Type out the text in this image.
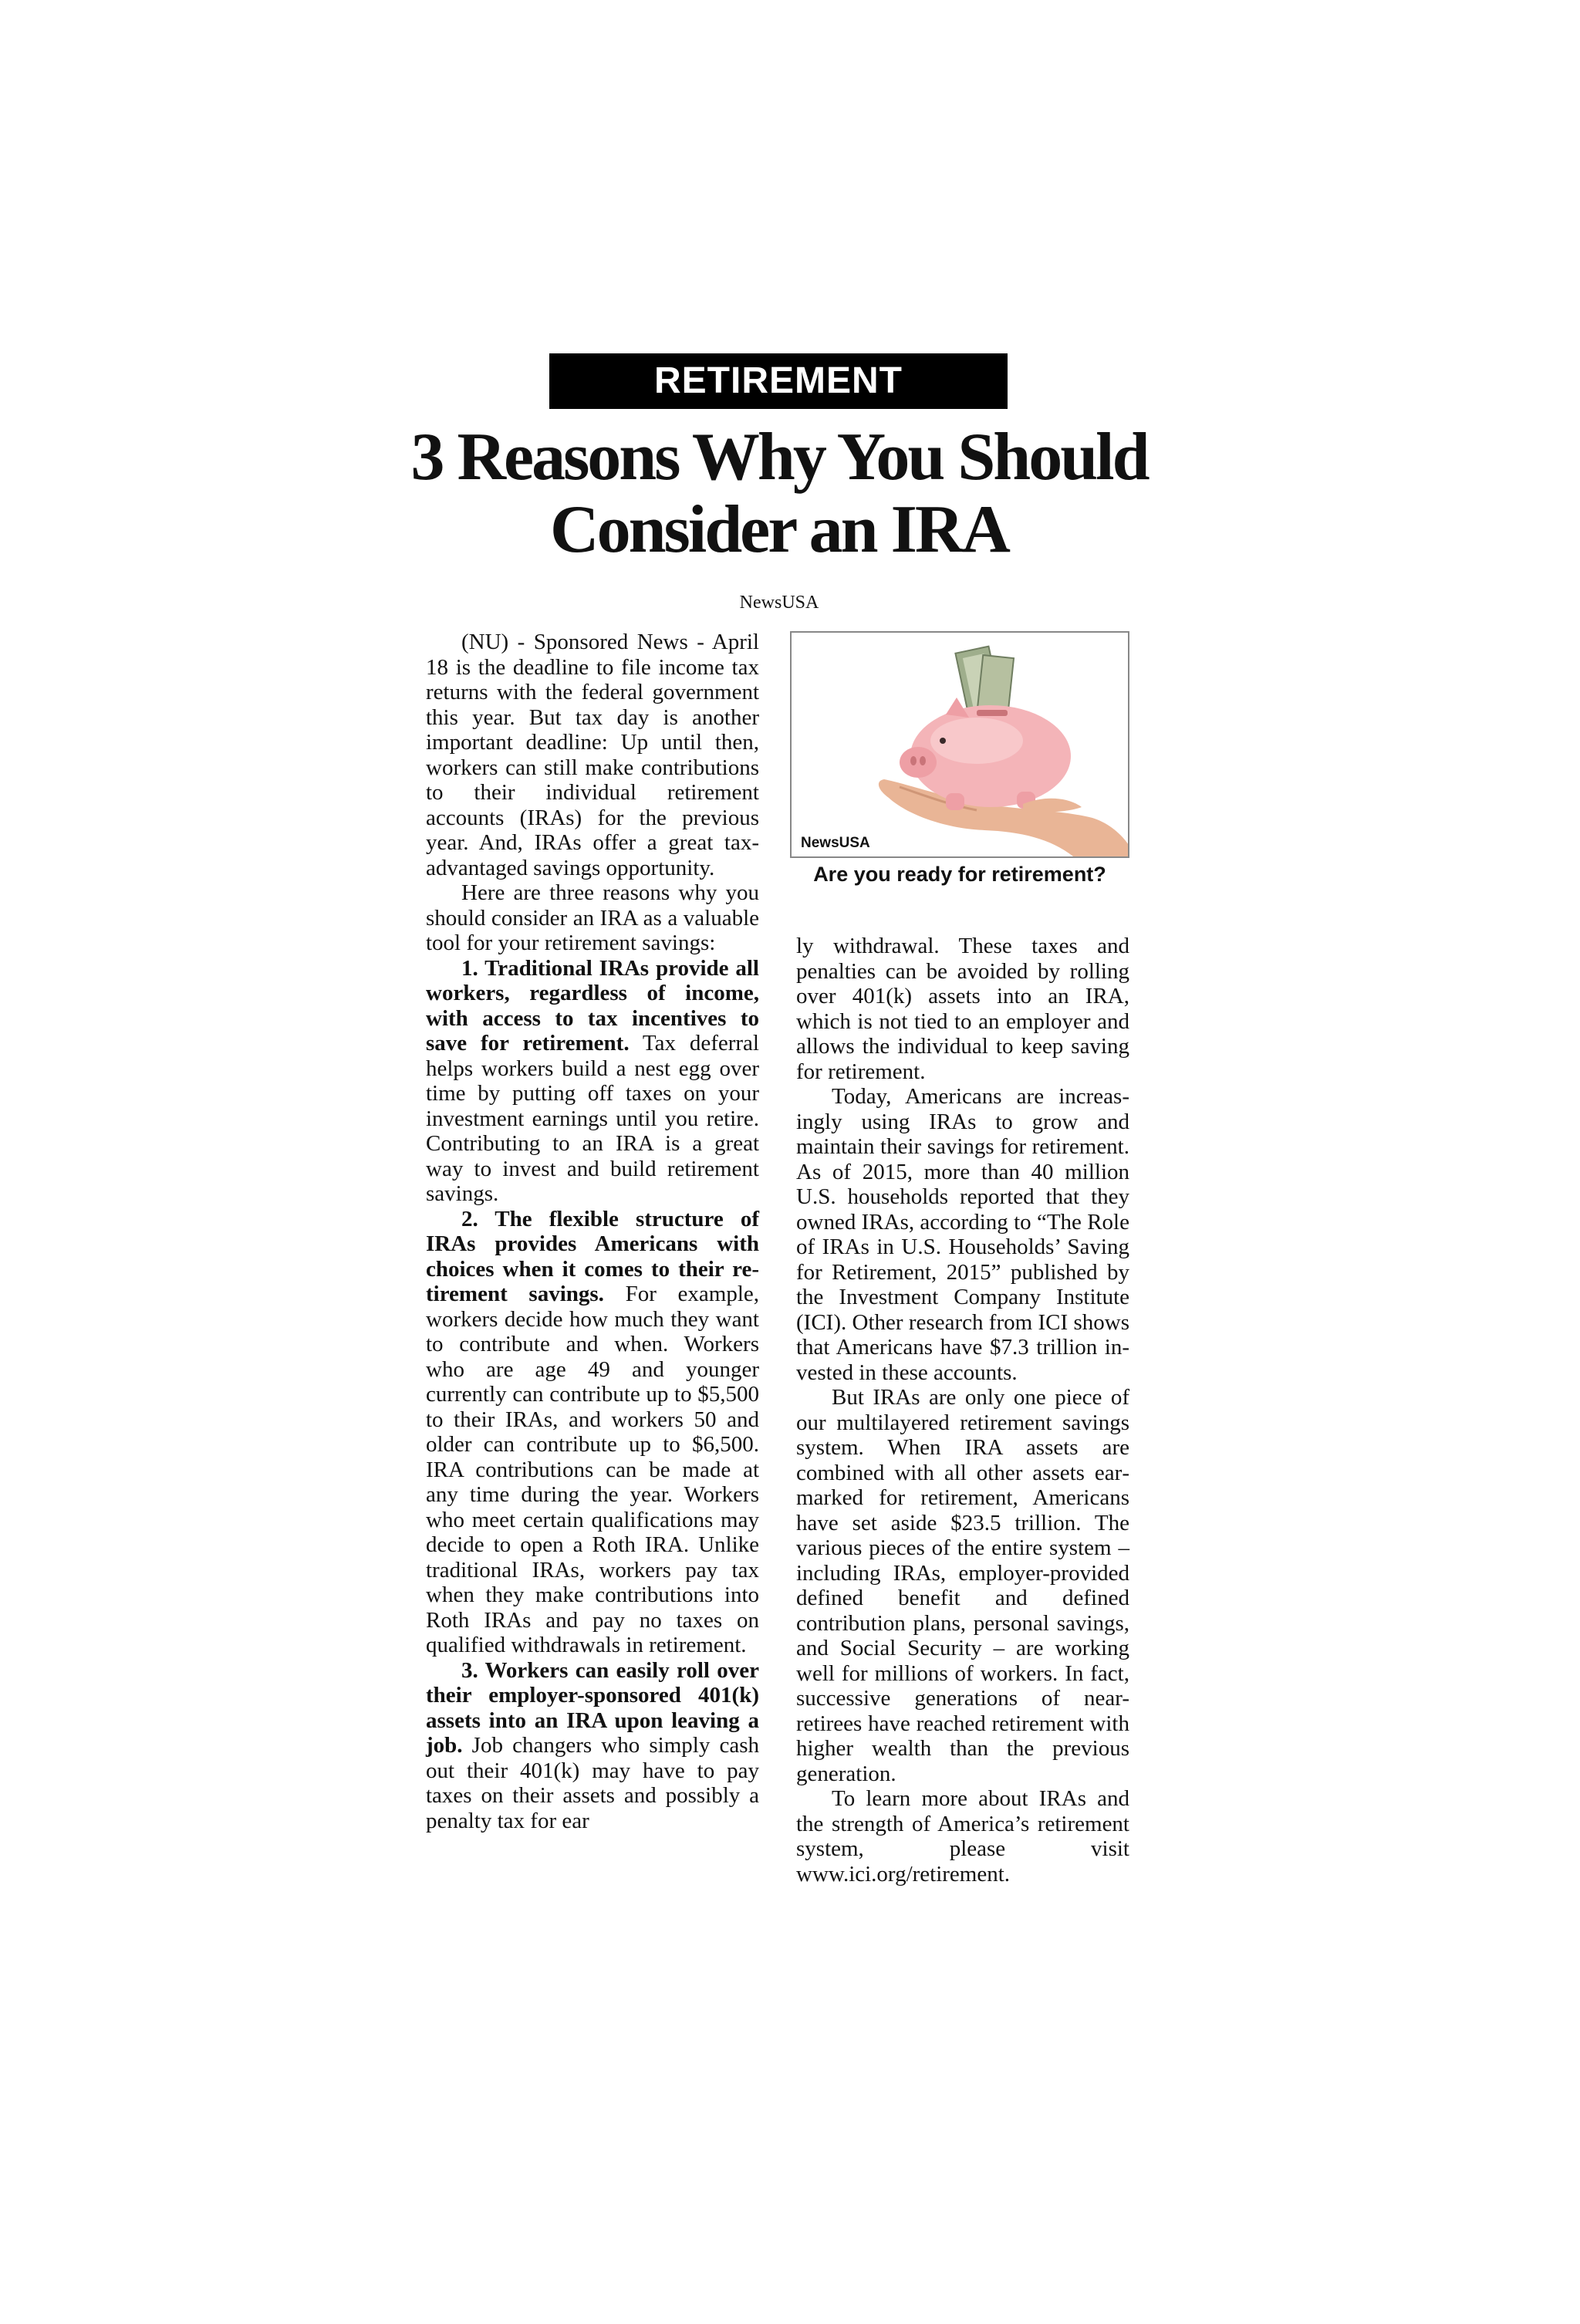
RETIREMENT
3 Reasons Why You Should Consider an IRA
NewsUSA

(NU) - Sponsored News - April 18 is the deadline to file income tax returns with the federal government this year. But tax day is another important deadline: Up until then, workers can still make contributions to their individual retirement accounts (IRAs) for the previous year. And, IRAs offer a great tax-advantaged savings opportunity.

Here are three reasons why you should consider an IRA as a valuable tool for your retirement savings:

1. Traditional IRAs provide all workers, regardless of income, with access to tax incentives to save for retirement. Tax deferral helps workers build a nest egg over time by putting off taxes on your investment earnings until you retire. Contributing to an IRA is a great way to invest and build retirement savings.

2. The flexible structure of IRAs provides Americans with choices when it comes to their retirement savings. For example, workers decide how much they want to contribute and when. Workers who are age 49 and younger currently can contribute up to $5,500 to their IRAs, and workers 50 and older can contribute up to $6,500. IRA contributions can be made at any time during the year. Workers who meet certain qualifications may decide to open a Roth IRA. Unlike traditional IRAs, workers pay tax when they make contributions into Roth IRAs and pay no taxes on qualified withdrawals in retirement.

3. Workers can easily roll over their employer-sponsored 401(k) assets into an IRA upon leaving a job. Job changers who simply cash out their 401(k) may have to pay taxes on their assets and possibly a penalty tax for ear

NewsUSA
Are you ready for retirement?

ly withdrawal. These taxes and penalties can be avoided by rolling over 401(k) assets into an IRA, which is not tied to an employer and allows the individual to keep saving for retirement.

Today, Americans are increasingly using IRAs to grow and maintain their savings for retirement. As of 2015, more than 40 million U.S. households reported that they owned IRAs, according to “The Role of IRAs in U.S. Households’ Saving for Retirement, 2015” published by the Investment Company Institute (ICI). Other research from ICI shows that Americans have $7.3 trillion invested in these accounts.

But IRAs are only one piece of our multilayered retirement savings system. When IRA assets are combined with all other assets earmarked for retirement, Americans have set aside $23.5 trillion. The various pieces of the entire system – including IRAs, employer-provided defined benefit and defined contribution plans, personal savings, and Social Security – are working well for millions of workers. In fact, successive generations of near-retirees have reached retirement with higher wealth than the previous generation.

To learn more about IRAs and the strength of America’s retirement system, please visit www.ici.org/retirement.
